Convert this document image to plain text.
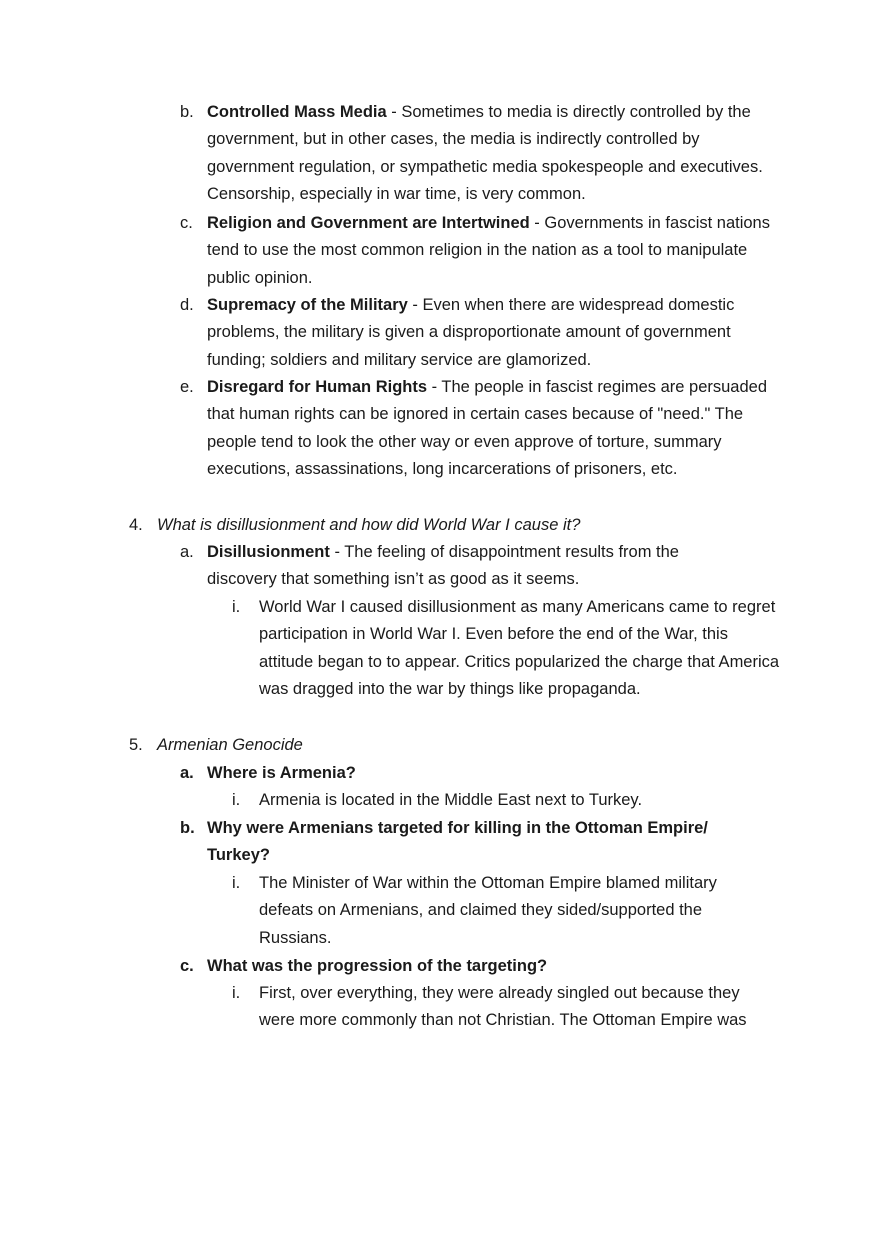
b. Controlled Mass Media - Sometimes to media is directly controlled by the government, but in other cases, the media is indirectly controlled by government regulation, or sympathetic media spokespeople and executives. Censorship, especially in war time, is very common.
c. Religion and Government are Intertwined - Governments in fascist nations tend to use the most common religion in the nation as a tool to manipulate public opinion.
d. Supremacy of the Military - Even when there are widespread domestic problems, the military is given a disproportionate amount of government funding; soldiers and military service are glamorized.
e. Disregard for Human Rights - The people in fascist regimes are persuaded that human rights can be ignored in certain cases because of "need." The people tend to look the other way or even approve of torture, summary executions, assassinations, long incarcerations of prisoners, etc.
4. What is disillusionment and how did World War I cause it?
a. Disillusionment - The feeling of disappointment results from the discovery that something isn’t as good as it seems.
i. World War I caused disillusionment as many Americans came to regret participation in World War I. Even before the end of the War, this attitude began to to appear. Critics popularized the charge that America was dragged into the war by things like propaganda.
5. Armenian Genocide
a. Where is Armenia?
i. Armenia is located in the Middle East next to Turkey.
b. Why were Armenians targeted for killing in the Ottoman Empire/ Turkey?
i. The Minister of War within the Ottoman Empire blamed military defeats on Armenians, and claimed they sided/supported the Russians.
c. What was the progression of the targeting?
i. First, over everything, they were already singled out because they were more commonly than not Christian. The Ottoman Empire was
